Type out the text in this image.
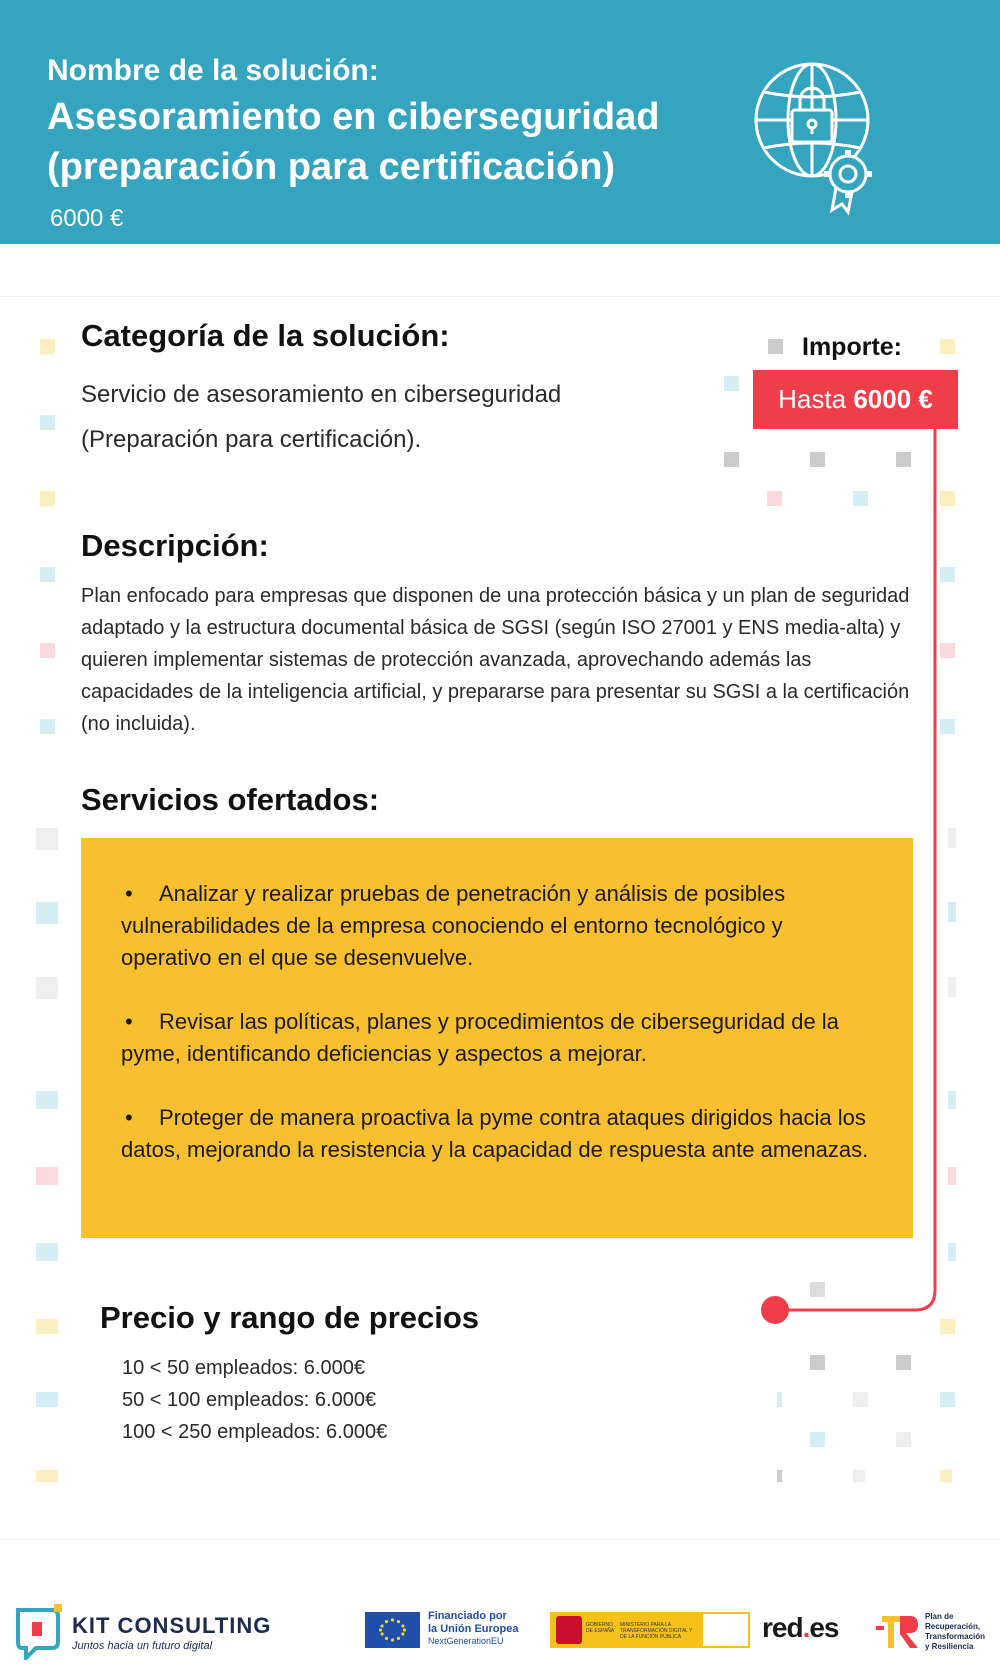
Nombre de la solución:
Asesoramiento en ciberseguridad (preparación para certificación)
6000 €
Categoría de la solución:
Servicio de asesoramiento en ciberseguridad (Preparación para certificación).
Importe:
Hasta 6000 €
Descripción:
Plan enfocado para empresas que disponen de una protección básica y un plan de seguridad adaptado y la estructura documental básica de SGSI (según ISO 27001 y ENS media-alta) y quieren implementar sistemas de protección avanzada, aprovechando además las capacidades de la inteligencia artificial, y prepararse para presentar su SGSI a la certificación (no incluida).
Servicios ofertados:
• Analizar y realizar pruebas de penetración y análisis de posibles vulnerabilidades de la empresa conociendo el entorno tecnológico y operativo en el que se desenvuelve.
• Revisar las políticas, planes y procedimientos de ciberseguridad de la pyme, identificando deficiencias y aspectos a mejorar.
• Proteger de manera proactiva la pyme contra ataques dirigidos hacia los datos, mejorando la resistencia y la capacidad de respuesta ante amenazas.
Precio y rango de precios
10 < 50 empleados: 6.000€
50 < 100 empleados: 6.000€
100 < 250 empleados: 6.000€
KIT CONSULTING
Juntos hacia un futuro digital
Financiado por
la Unión Europea
NextGenerationEU
GOBIERNO DE ESPAÑA
MINISTERIO PARA LA TRANSFORMACIÓN DIGITAL Y DE LA FUNCIÓN PÚBLICA	red.es	Plan de
Recuperación,
Transformación
y Resiliencia
